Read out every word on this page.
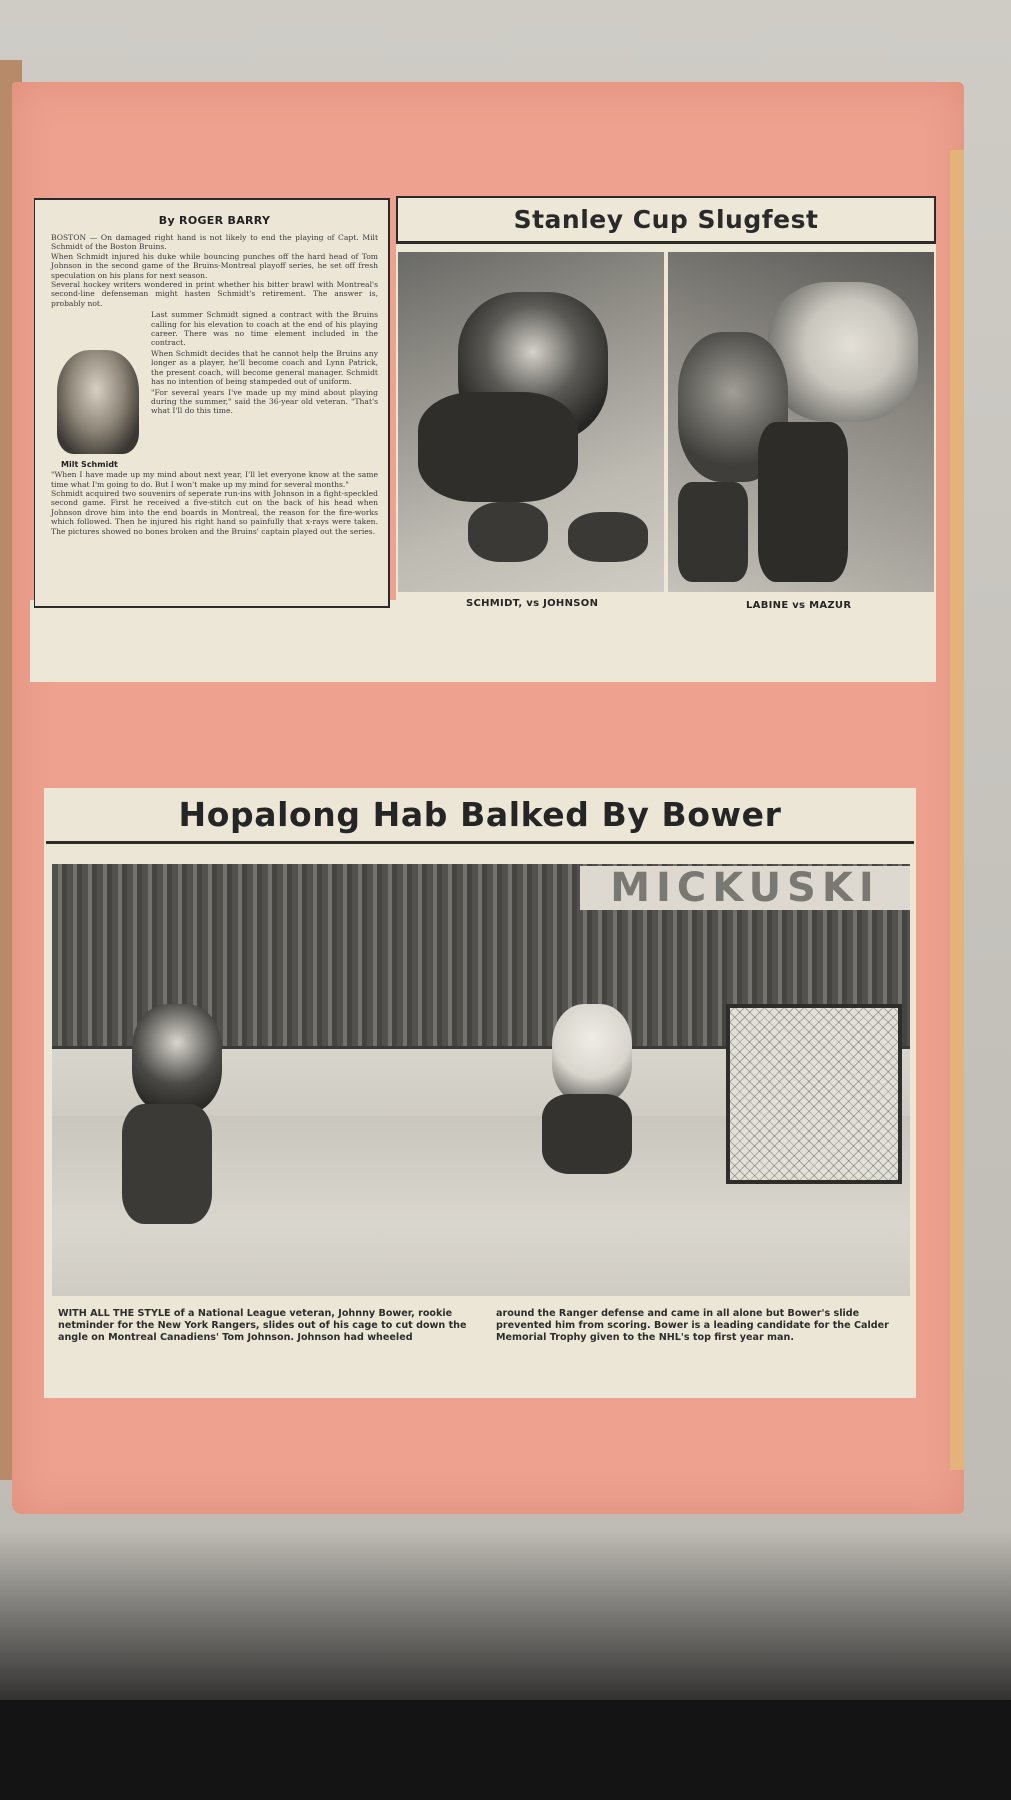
By ROGER BARRY

BOSTON — On damaged right hand is not likely to end the playing of Capt. Milt Schmidt of the Boston Bruins.

When Schmidt injured his duke while bouncing punches off the hard head of Tom Johnson in the second game of the Bruins-Montreal playoff series, he set off fresh speculation on his plans for next season.

Several hockey writers wondered in print whether his bitter brawl with Montreal's second-line defenseman might hasten Schmidt's retirement. The answer is, probably not.

Milt Schmidt

Last summer Schmidt signed a contract with the Bruins calling for his elevation to coach at the end of his playing career. There was no time element included in the contract.

When Schmidt decides that he cannot help the Bruins any longer as a player, he'll become coach and Lynn Patrick, the present coach, will become general manager. Schmidt has no intention of being stampeded out of uniform.

"For several years I've made up my mind about playing during the summer," said the 36-year old veteran. "That's what I'll do this time.

"When I have made up my mind about next year, I'll let everyone know at the same time what I'm going to do. But I won't make up my mind for several months."

Schmidt acquired two souvenirs of seperate run-ins with Johnson in a fight-speckled second game. First he received a five-stitch cut on the back of his head when Johnson drove him into the end boards in Montreal, the reason for the fire-works which followed. Then he injured his right hand so painfully that x-rays were taken. The pictures showed no bones broken and the Bruins' captain played out the series.

Stanley Cup Slugfest
SCHMIDT, vs JOHNSON	LABINE vs MAZUR
Hopalong Hab Balked By Bower
MICKUSKI

WITH ALL THE STYLE of a National League veteran, Johnny Bower, rookie netminder for the New York Rangers, slides out of his cage to cut down the angle on Montreal Canadiens' Tom Johnson. Johnson had wheeled

around the Ranger defense and came in all alone but Bower's slide prevented him from scoring. Bower is a leading candidate for the Calder Memorial Trophy given to the NHL's top first year man.
